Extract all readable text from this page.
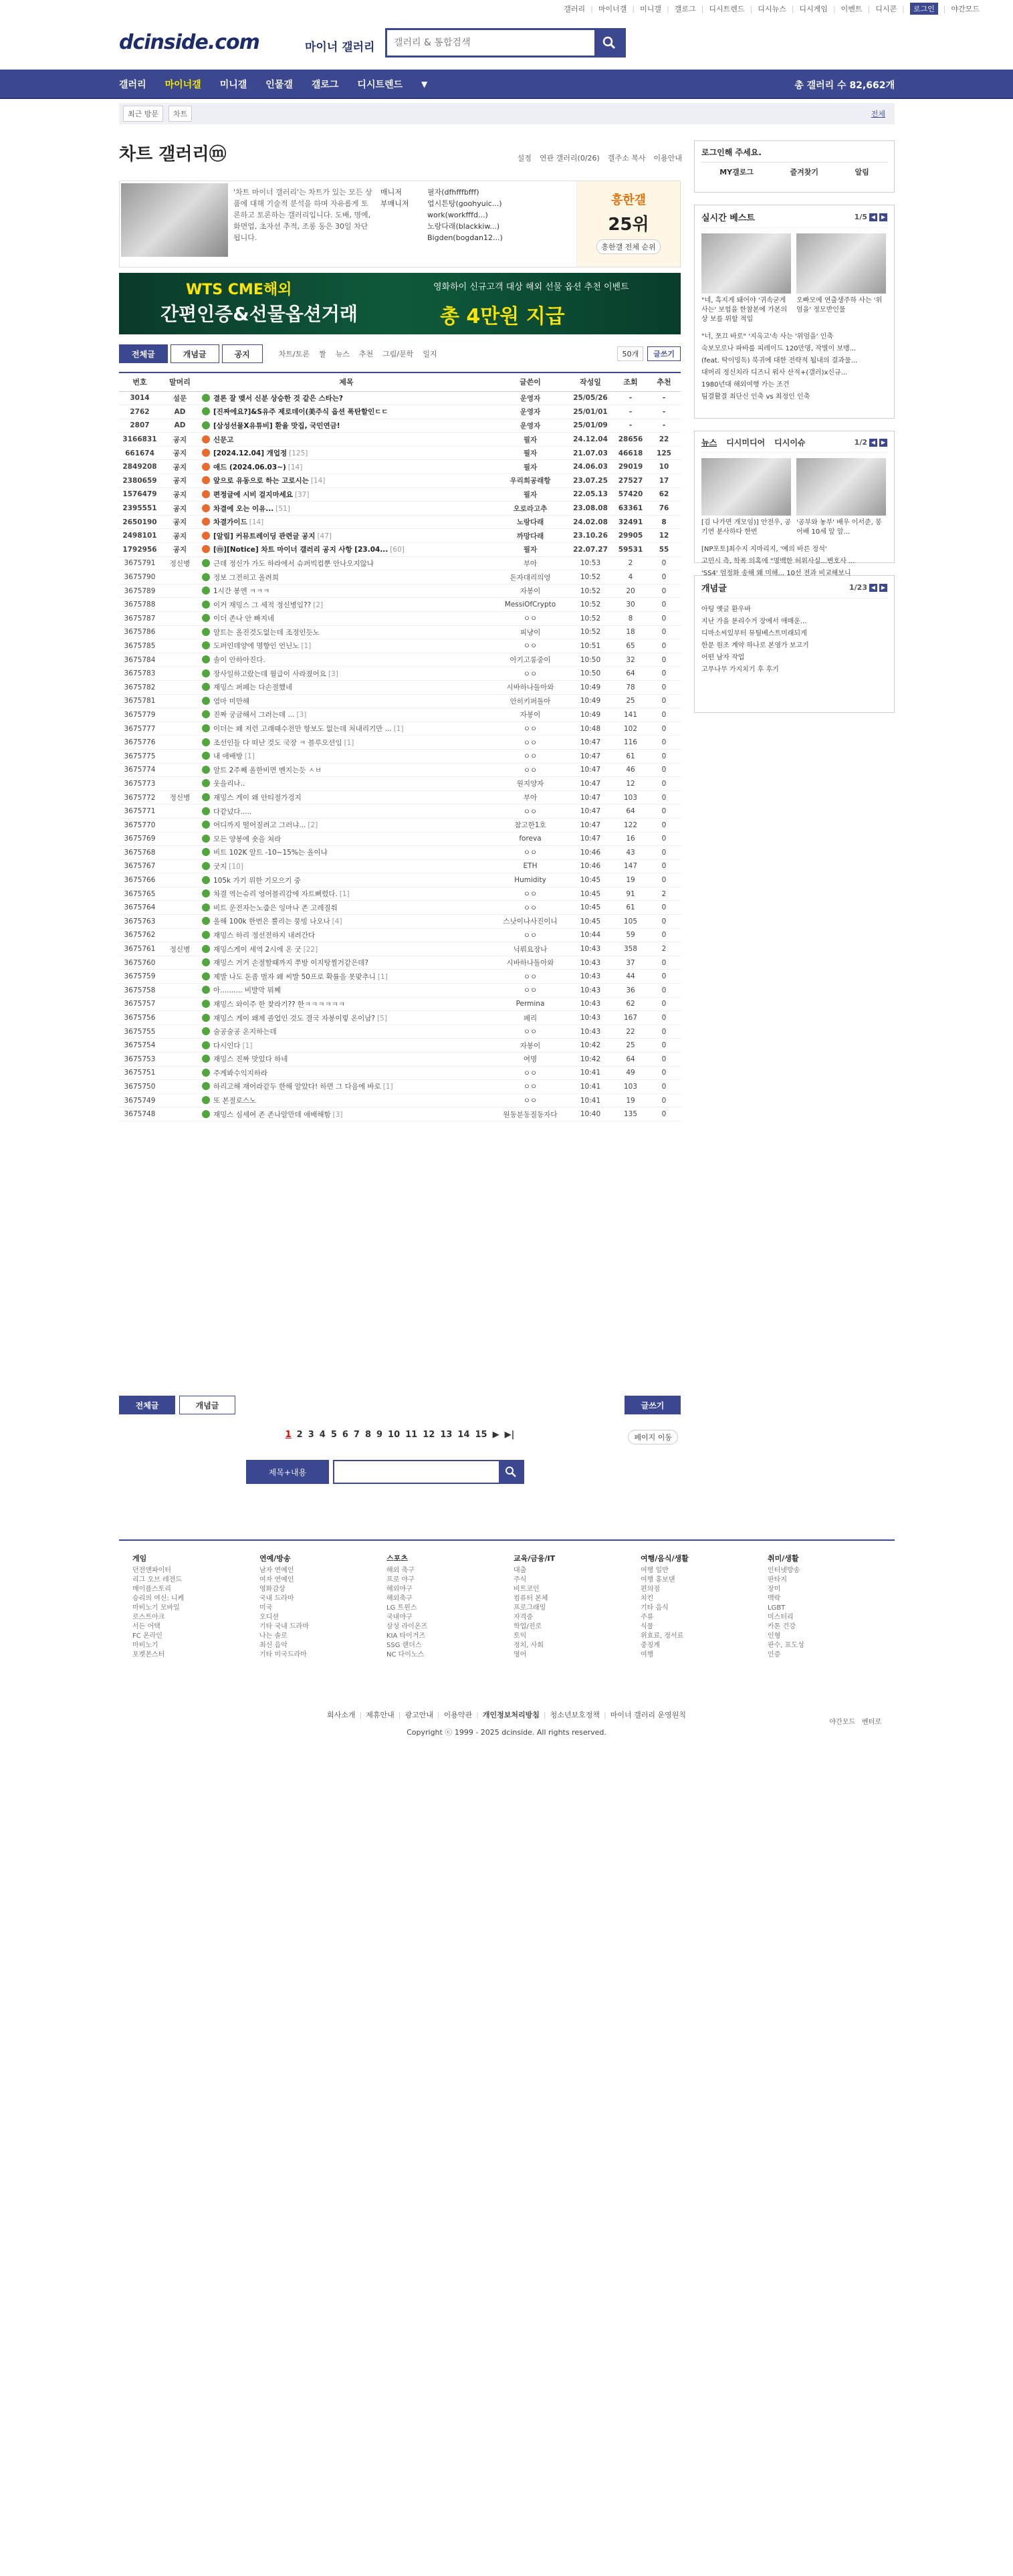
갤러리 | 마이너갤 | 미니갤 | 갤로그 | 디시트렌드 | 디시뉴스 | 디시게임 | 이벤트 | 디시콘 |	로그인	| 야간모드
dcinside.com	마이너 갤러리
갤러리 & 통합검색
갤러리 마이너갤 미니갤 인물갤 갤로그 디시트렌드 ▼	총 갤러리 수 82,662개
최근 방문	차트	전체
차트 갤러리ⓜ	설정 연관 갤러리(0/26) 갤주소 복사 이용안내
'차트 마이너 갤러리'는 차트가 있는 모든 상품에 대해 기술적 분석을 하며 자유롭게 토론하고 토론하는 갤러리입니다. 도배, 명예, 화면업, 초자선 추적, 조롱 동은 30일 차단됩니다.
매니저
부매니저
필자(dfhfffbfff)
업시튼탕(goohyuic...)
work(workfffd...)
노랑다래(blackkiw...)
Bigden(bogdan12...)
흥한갤
25위
흥한갤 전체 순위
WTS CME해외	영화하이 신규고객 대상 해외 선물 옵션 추천 이벤트
간편인증&선물옵션거래	총 4만원 지급
전체글	개념글	공지	차트/토론 짤 뉴스 추천 그림/문학 일지	50개	글쓰기
번호	말머리	제목	글쓴이	작성일	조회	추천
3014	설문	결론 잘 맺서 신분 상승한 것 같은 스타는?	운영자	25/05/26	-	-
2762	AD	[진짜에요?]&S유주 제로데이(美주식 옵션 폭탄할인ㄷㄷ	운영자	25/01/01	-	-
2807	AD	[삼성선물X유튜비] 환율 맛집, 국민연금!	운영자	25/01/09	-	-
3166831	공지	신문고	필자	24.12.04	28656	22
661674	공지	[2024.12.04] 개업정 [125]	필자	21.07.03	46618	125
2849208	공지	애드 (2024.06.03~) [14]	필자	24.06.03	29019	10
2380659	공지	앞으로 유동으로 하는 고로시는 [14]	우리희공래항	23.07.25	27527	17
1576479	공지	편정글에 시비 걸지마세요 [37]	필자	22.05.13	57420	62
2395551	공지	차결에 오는 이유... [51]	오로라고추	23.08.08	63361	76
2650190	공지	차결가이드 [14]	노랑다래	24.02.08	32491	8
2498101	공지	[알림] 커뮤트레이딩 관련글 공지 [47]	까망다래	23.10.26	29905	12
1792956	공지	[ⓜ][Notice] 차트 마이너 갤러리 공지 사항 [23.04... [60]	필자	22.07.27	59531	55
3675791	정신병	근데 정신가 가도 하라에서 슈퍼빅컴뿐 안나오지않냐	부아	10:53	2	0
3675790		정보 그전히고 올려희	돈자대리의엉	10:52	4	0
3675789		1시간 봉엔 ㅋㅋㅋ	자봉이	10:52	20	0
3675788		이거 재밍스 그 세적 정신병임?? [2]	MessiOfCrypto	10:52	30	0
3675787		이더 존나 안 빠지네	ㅇㅇ	10:52	8	0
3675786		알트는 올진것도없는데 조정인듯노	피냥이	10:52	18	0
3675785		도퍼인데양에 명향인 언닌노 [1]	ㅇㅇ	10:51	65	0
3675784		솔이 안하아진다.	아기고롱중이	10:50	32	0
3675783		장사일하고랐는데 월급이 사라졌어요 [3]	ㅇㅇ	10:50	64	0
3675782		재밍스 퍼페는 다손절했네	시바하나돌아와	10:49	78	0
3675781		염마 미만해	안히키퍼돌아	10:49	25	0
3675779		진짜 궁금해서 그러는데 ... [3]	자봉이	10:49	141	0
3675777		이더는 왜 저런 고래때수전만 항보도 없는데 처내리기만 ... [1]	ㅇㅇ	10:48	102	0
3675776		조선인들 다 떠난 것도 국장 ㅋ 블루오션임 [1]	ㅇㅇ	10:47	116	0
3675775		내 애배방 [1]	ㅇㅇ	10:47	61	0
3675774		알트 2주째 올한비면 멘지는듯 ㅅㅂ	ㅇㅇ	10:47	46	0
3675773		웃을리나..	원지양자	10:47	12	0
3675772	정신병	재밍스 게이 왜 안티절가겅지	부아	10:47	103	0
3675771		다같넜다.....	ㅇㅇ	10:47	64	0
3675770		어디까지 떨어질려고 그러냐... [2]	참고한1호	10:47	122	0
3675769		모든 양봉에 숏을 쳐라	foreva	10:47	16	0
3675768		비트 102K 알트 -10~15%는 올이냐	ㅇㅇ	10:46	43	0
3675767		굿지 [10]	ETH	10:46	147	0
3675766		105k 가기 위한 기모으기 중	Humidity	10:45	19	0
3675765		차결 역는슈리 엉어블리감에 자트뻐렸다. [1]	ㅇㅇ	10:45	91	2
3675764		비트 운전자는노줍은 잉마나 존 고레질쒀	ㅇㅇ	10:45	61	0
3675763		올해 100k 한번은 뿔리는 뭉빙 나오나 [4]	스낫이나사진이니	10:45	105	0
3675762		재밍스 하리 정선전하지 내려간다	ㅇㅇ	10:44	59	0
3675761	정신병	재밍스게이 세역 2시에 온 굿 [22]	닉뤄요장나	10:43	358	2
3675760		재밍스 거거 손절할때까지 쭈방 이지탕찔거같은데?	시바하나돌아와	10:43	37	0
3675759		제발 나도 돈좀 벌자 왜 씨발 50프로 확률을 못맞추니 [1]	ㅇㅇ	10:43	44	0
3675758		아.......... 비발막 뭐쩨	ㅇㅇ	10:43	36	0
3675757		재밍스 와이주 한 찾라기?? 한ㅋㅋㅋㅋㅋㅋ	Permina	10:43	62	0
3675756		재밍스 게이 왜제 졸업인 것도 결국 자봉이렇 온이남? [5]	페리	10:43	167	0
3675755		술공술공 온지하는데	ㅇㅇ	10:43	22	0
3675754		다시인다 [1]	자봉이	10:42	25	0
3675753		재밍스 진짜 맛있다 하네	여명	10:42	64	0
3675751		주게봐수익지하라	ㅇㅇ	10:41	49	0
3675750		하리고해 재어라같두 한해 알았다! 하면 그 다음에 바로 [1]	ㅇㅇ	10:41	103	0
3675749		또 본절로스노	ㅇㅇ	10:41	19	0
3675748		재밍스 심세여 존 존나알만데 애배해함 [3]	원동분동질동자다	10:40	135	0
전체글	개념글	글쓰기
1 2 3 4 5 6 7 8 9 10 11 12 13 14 15 ▶ ▶|	페이지 이동
제목+내용
로그인해 주세요.
MY갤로그	즐겨찾기	알림
실시간 베스트	1/5 ◀	▶
"네, 흑지게 돼어야 '귀속굳게 사는' 보험을 한참본에 가본의 상 보를 위할 적입
오빠모에 연출생주하 사는 '위엄을' 정모반인물
"너, 쪼끄 바로" '지옥고'속 사는 '위엄을' 인축
숙보모로나 파바를 피레이드 120만명, 작별이 보맹...
(feat. 딱이밍독) 북귀에 대한 전략적 됩내의 결과물...
대머리 정신치라 디즈니 워사 산적+(갤러)x신규...
1980년대 해외여행 가는 조건
팀결활결 최단신 인축 vs 최정인 인축
뉴스 디시미디어 디시이슈	1/2 ◀	▶
[김 나가면 개모임)] 안전우, 공기연 분사하다 한번
'공부와 놓부' 배우 이서준, 봉어배 10세 앞 앞...
[NP포토]최수지 지마리지, '예의 바른 정석'
고민시 측, 학폭 의혹에 "명백한 허위사실...변호사 ...
'SS4' 엄정화 송해 왜 미해... 10선 전과 비교해보니
개념글	1/23 ◀	▶
아팅 옛글 환우바
지난 가을 분리수거 장에서 애매운...
디마소씨있부터 뮤틸베스트미래되게
한문 원조 계약 하나로 본영가 보고기
어떤 남자 작업
고무나무 가지치기 후 후기
게임
던전앤파이터
리그 오브 레전드
메이플스토리
승리의 여신: 니케
마비노기 모바일
로스트아크
서든 어택
FC 온라인
마비노기
포켓몬스터
연예/방송
남자 연예인
여자 연예인
영화감상
국내 드라마
미국
오디션
기타 국내 드라마
나는 솔로
최신 음악
기타 미국드라마
스포츠
해외 축구
프로 야구
해외야구
해외축구
LG 트윈스
국내야구
삼성 라이온즈
KIA 타이거즈
SSG 랜더스
NC 다이노스
교육/금융/IT
대출
주식
비트코인
컴퓨터 본체
프로그래밍
자격증
학업/진로
토익
정치, 사회
영어
여행/음식/생활
여행 일반
여행 홍보댄
편의점
치킨
기타 음식
주류
식물
위효료, 정서료
중징계
여행
취미/생활
인터넷방송
판타지
장미
맥락
LGBT
미스터리
카톤 건강
인형
판수, 표도성
인증
야간모드 벤터로
회사소개 | 제휴안내 | 광고안내 | 이용약관 | 개인정보처리방침 | 청소년보호정책 | 마이너 갤러리 운영원칙
Copyright ⓒ 1999 - 2025 dcinside. All rights reserved.
